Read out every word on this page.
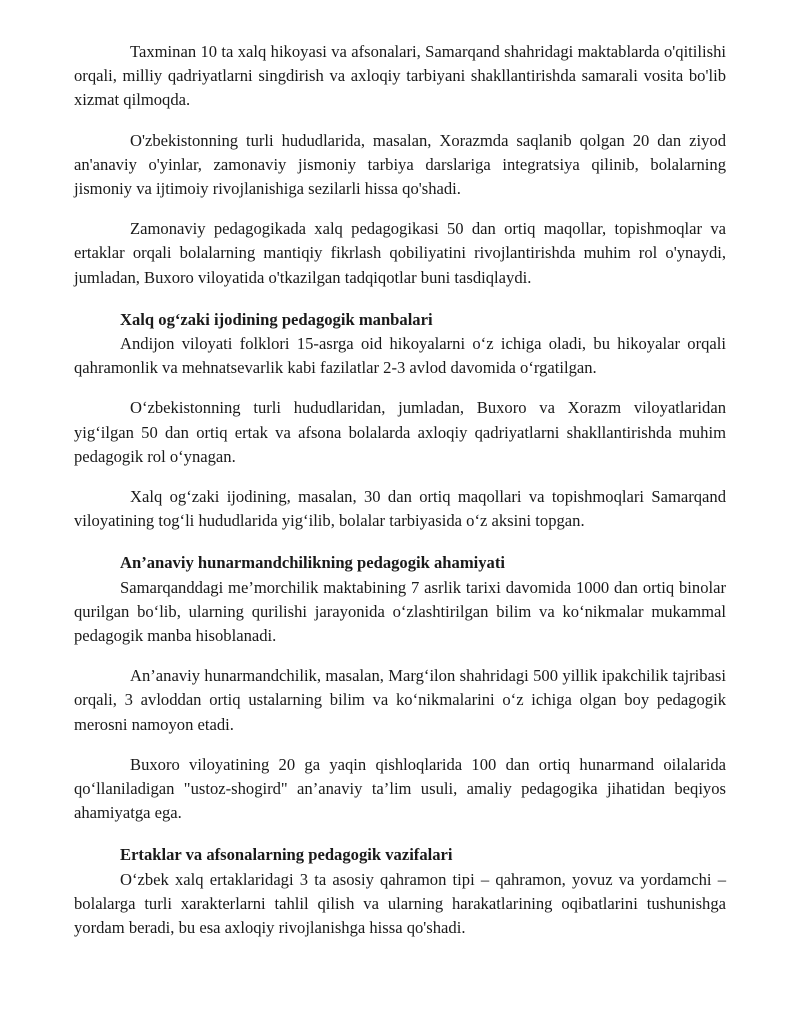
Taxminan 10 ta xalq hikoyasi va afsonalari, Samarqand shahridagi maktablarda o'qitilishi orqali, milliy qadriyatlarni singdirish va axloqiy tarbiyani shakllantirishda samarali vosita bo'lib xizmat qilmoqda.

O'zbekistonning turli hududlarida, masalan, Xorazmda saqlanib qolgan 20 dan ziyod an'anaviy o'yinlar, zamonaviy jismoniy tarbiya darslariga integratsiya qilinib, bolalarning jismoniy va ijtimoiy rivojlanishiga sezilarli hissa qo'shadi.

Zamonaviy pedagogikada xalq pedagogikasi 50 dan ortiq maqollar, topishmoqlar va ertaklar orqali bolalarning mantiqiy fikrlash qobiliyatini rivojlantirishda muhim rol o'ynaydi, jumladan, Buxoro viloyatida o'tkazilgan tadqiqotlar buni tasdiqlaydi.

Xalq og‘zaki ijodining pedagogik manbalari

Andijon viloyati folklori 15-asrga oid hikoyalarni o‘z ichiga oladi, bu hikoyalar orqali qahramonlik va mehnatsevarlik kabi fazilatlar 2-3 avlod davomida o‘rgatilgan.

O‘zbekistonning turli hududlaridan, jumladan, Buxoro va Xorazm viloyatlaridan yig‘ilgan 50 dan ortiq ertak va afsona bolalarda axloqiy qadriyatlarni shakllantirishda muhim pedagogik rol o‘ynagan.

Xalq og‘zaki ijodining, masalan, 30 dan ortiq maqollari va topishmoqlari Samarqand viloyatining tog‘li hududlarida yig‘ilib, bolalar tarbiyasida o‘z aksini topgan.

An’anaviy hunarmandchilikning pedagogik ahamiyati

Samarqanddagi me’morchilik maktabining 7 asrlik tarixi davomida 1000 dan ortiq binolar qurilgan bo‘lib, ularning qurilishi jarayonida o‘zlashtirilgan bilim va ko‘nikmalar mukammal pedagogik manba hisoblanadi.

An’anaviy hunarmandchilik, masalan, Marg‘ilon shahridagi 500 yillik ipakchilik tajribasi orqali, 3 avloddan ortiq ustalarning bilim va ko‘nikmalarini o‘z ichiga olgan boy pedagogik merosni namoyon etadi.

Buxoro viloyatining 20 ga yaqin qishloqlarida 100 dan ortiq hunarmand oilalarida qo‘llaniladigan "ustoz-shogird" an’anaviy ta’lim usuli, amaliy pedagogika jihatidan beqiyos ahamiyatga ega.

Ertaklar va afsonalarning pedagogik vazifalari

O‘zbek xalq ertaklaridagi 3 ta asosiy qahramon tipi – qahramon, yovuz va yordamchi – bolalarga turli xarakterlarni tahlil qilish va ularning harakatlarining oqibatlarini tushunishga yordam beradi, bu esa axloqiy rivojlanishga hissa qo'shadi.
